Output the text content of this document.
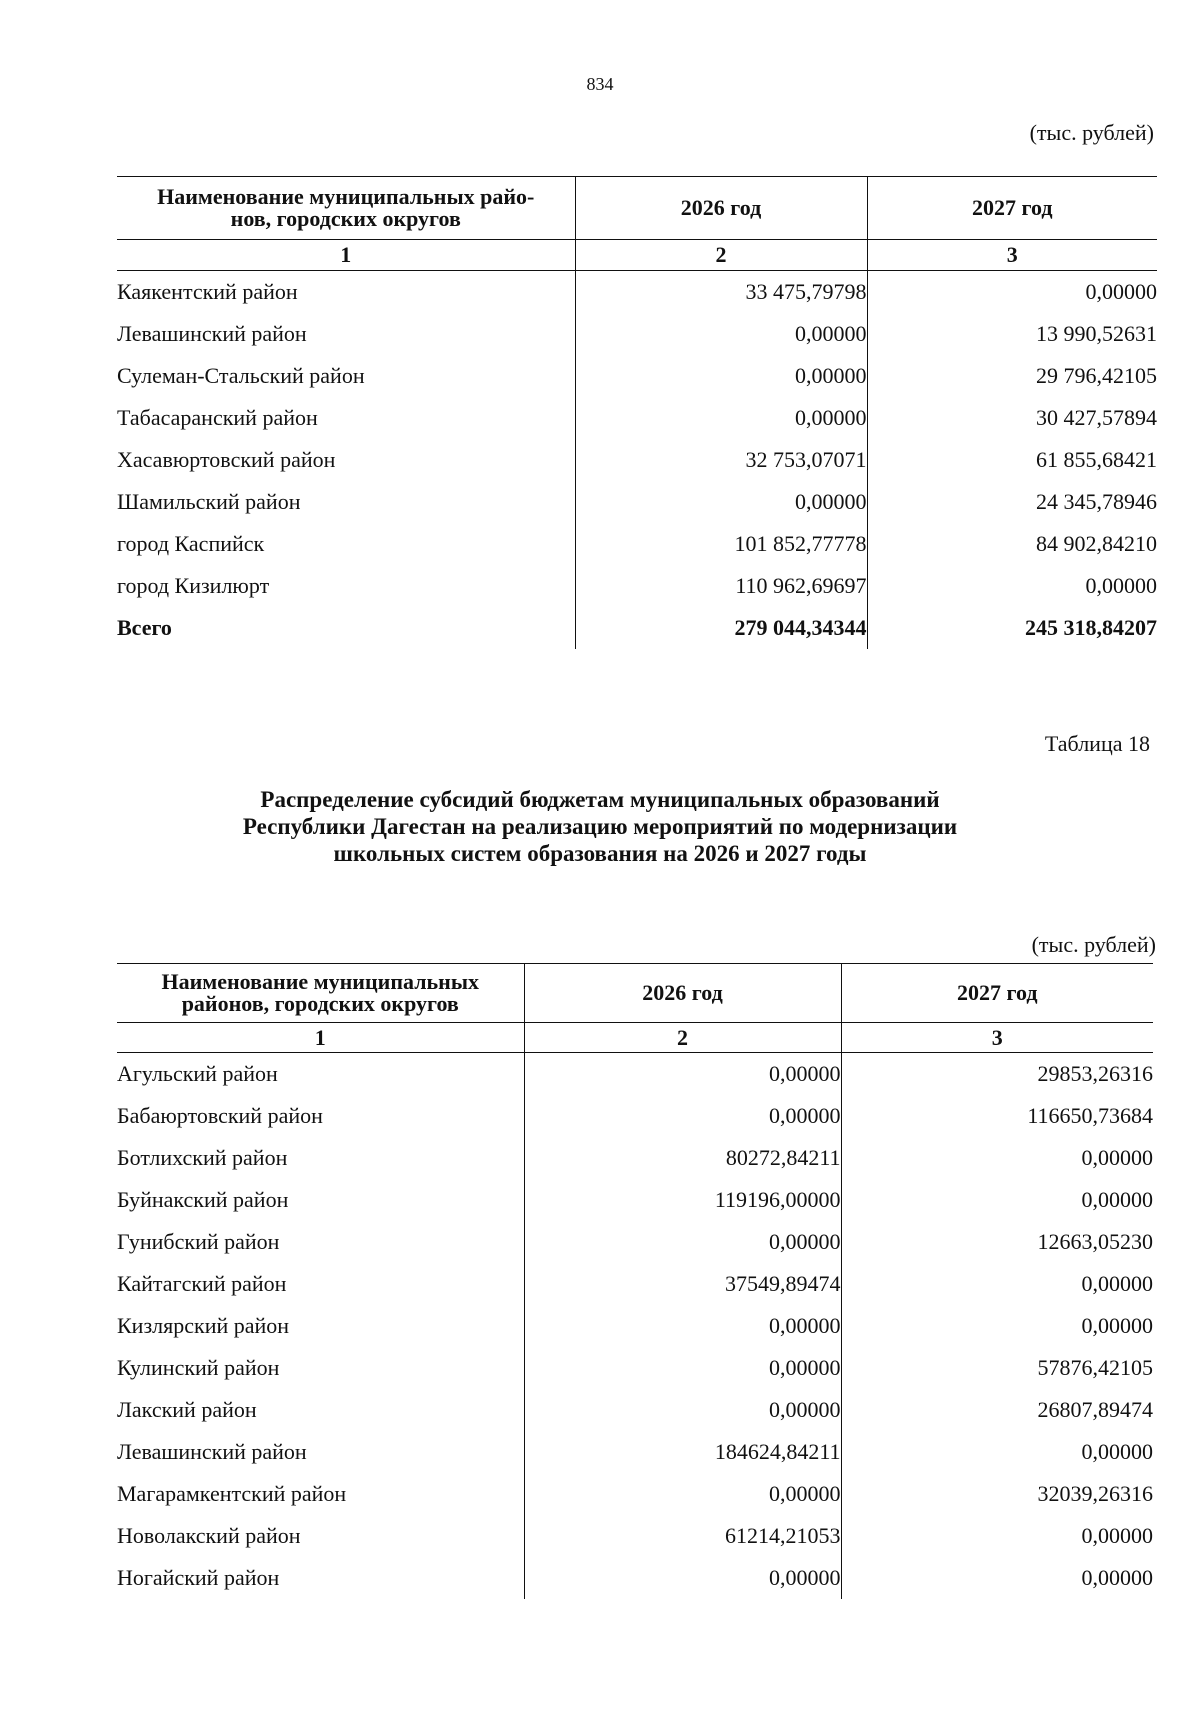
834
(тыс. рублей)
Наименование муниципальных райо-
нов, городских округов	2026 год	2027 год
1	2	3
Каякентский район	33 475,79798	0,00000
Левашинский район	0,00000	13 990,52631
Сулеман-Стальский район	0,00000	29 796,42105
Табасаранский район	0,00000	30 427,57894
Хасавюртовский район	32 753,07071	61 855,68421
Шамильский район	0,00000	24 345,78946
город Каспийск	101 852,77778	84 902,84210
город Кизилюрт	110 962,69697	0,00000
Всего	279 044,34344	245 318,84207
Таблица 18
Распределение субсидий бюджетам муниципальных образований
Республики Дагестан на реализацию мероприятий по модернизации
школьных систем образования на 2026 и 2027 годы
(тыс. рублей)
Наименование муниципальных
районов, городских округов	2026 год	2027 год
1	2	3
Агульский район	0,00000	29853,26316
Бабаюртовский район	0,00000	116650,73684
Ботлихский район	80272,84211	0,00000
Буйнакский район	119196,00000	0,00000
Гунибский район	0,00000	12663,05230
Кайтагский район	37549,89474	0,00000
Кизлярский район	0,00000	0,00000
Кулинский район	0,00000	57876,42105
Лакский район	0,00000	26807,89474
Левашинский район	184624,84211	0,00000
Магарамкентский район	0,00000	32039,26316
Новолакский район	61214,21053	0,00000
Ногайский район	0,00000	0,00000
